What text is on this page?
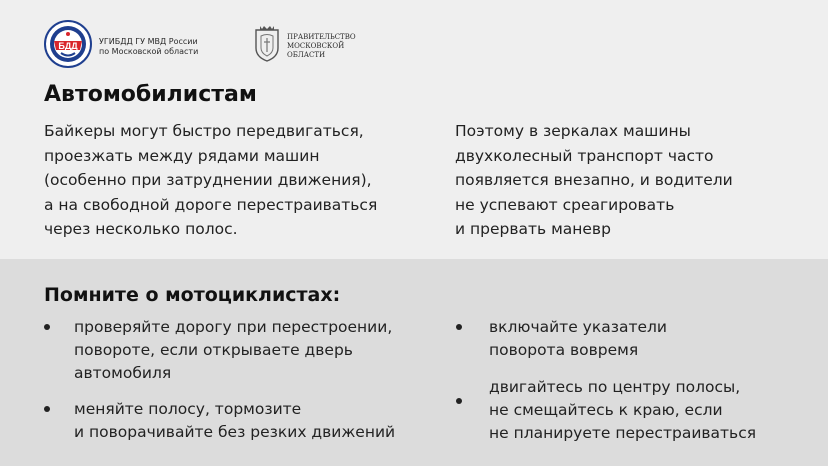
БДД	УГИБДД ГУ МВД России
по Московской области
ПРАВИТЕЛЬСТВО
МОСКОВСКОЙ
ОБЛАСТИ
Автомобилистам
Байкеры могут быстро передвигаться,
проезжать между рядами машин
(особенно при затруднении движения),
а на свободной дороге перестраиваться
через несколько полос.
Поэтому в зеркалах машины
двухколесный транспорт часто
появляется внезапно, и водители
не успевают среагировать
и прервать маневр
Помните о мотоциклистах:
проверяйте дорогу при перестроении,
повороте, если открываете дверь
автомобиля
меняйте полосу, тормозите
и поворачивайте без резких движений
включайте указатели
поворота вовремя
двигайтесь по центру полосы,
не смещайтесь к краю, если
не планируете перестраиваться
